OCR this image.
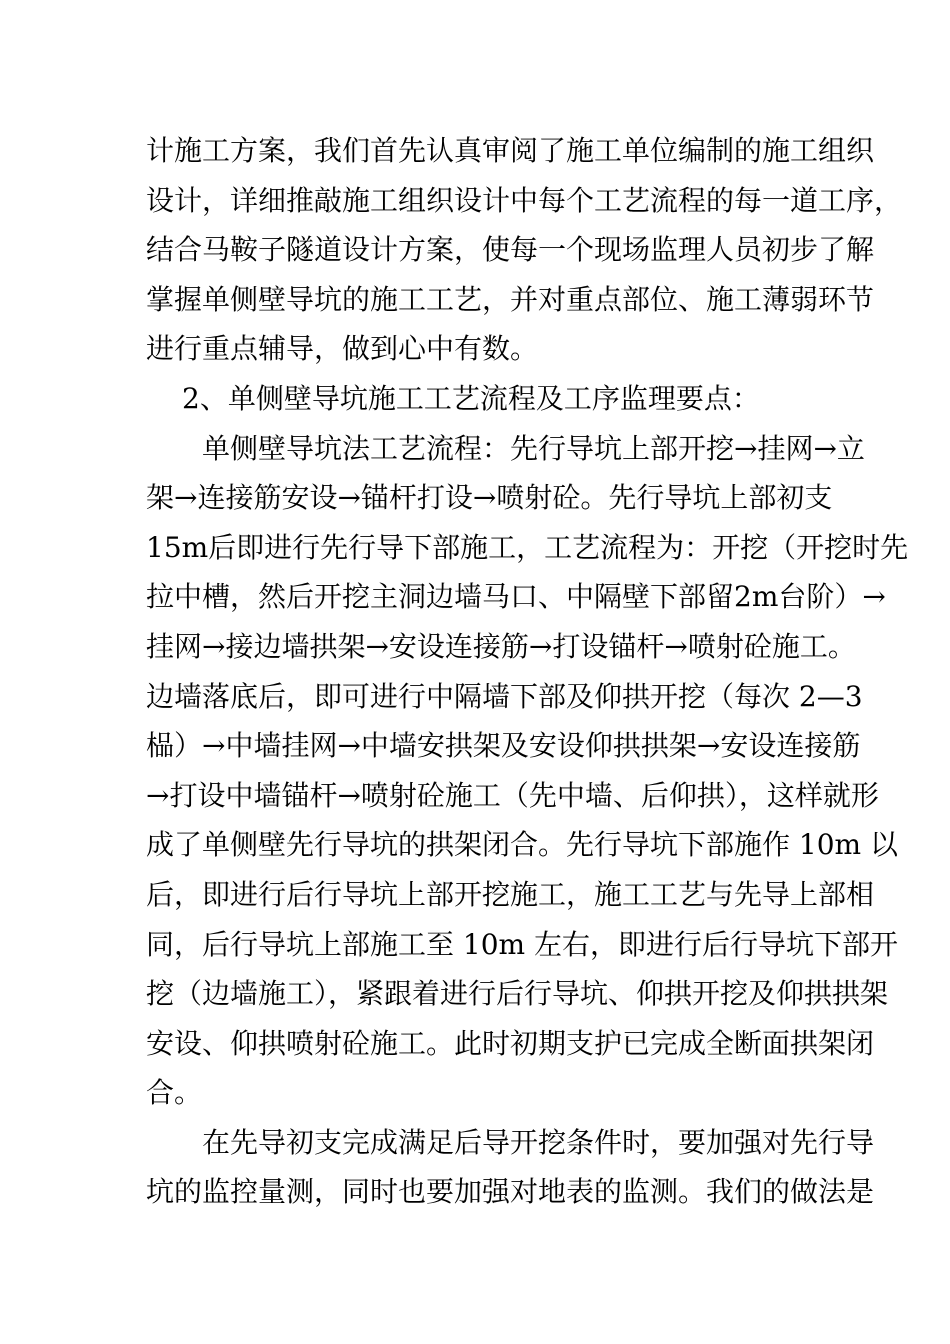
计施工方案，我们首先认真审阅了施工单位编制的施工组织
设计，详细推敲施工组织设计中每个工艺流程的每一道工序，
结合马鞍子隧道设计方案，使每一个现场监理人员初步了解
掌握单侧壁导坑的施工工艺，并对重点部位、施工薄弱环节
进行重点辅导，做到心中有数。
2、单侧壁导坑施工工艺流程及工序监理要点：
单侧壁导坑法工艺流程：先行导坑上部开挖→挂网→立
架→连接筋安设→锚杆打设→喷射砼。先行导坑上部初支
15m后即进行先行导下部施工，工艺流程为：开挖（开挖时先
拉中槽，然后开挖主洞边墙马口、中隔壁下部留2m台阶）→
挂网→接边墙拱架→安设连接筋→打设锚杆→喷射砼施工。
边墙落底后，即可进行中隔墙下部及仰拱开挖（每次 2—3
榀）→中墙挂网→中墙安拱架及安设仰拱拱架→安设连接筋
→打设中墙锚杆→喷射砼施工（先中墙、后仰拱），这样就形
成了单侧壁先行导坑的拱架闭合。先行导坑下部施作 10m 以
后，即进行后行导坑上部开挖施工，施工工艺与先导上部相
同，后行导坑上部施工至 10m 左右，即进行后行导坑下部开
挖（边墙施工），紧跟着进行后行导坑、仰拱开挖及仰拱拱架
安设、仰拱喷射砼施工。此时初期支护已完成全断面拱架闭
合。
在先导初支完成满足后导开挖条件时，要加强对先行导
坑的监控量测，同时也要加强对地表的监测。我们的做法是
